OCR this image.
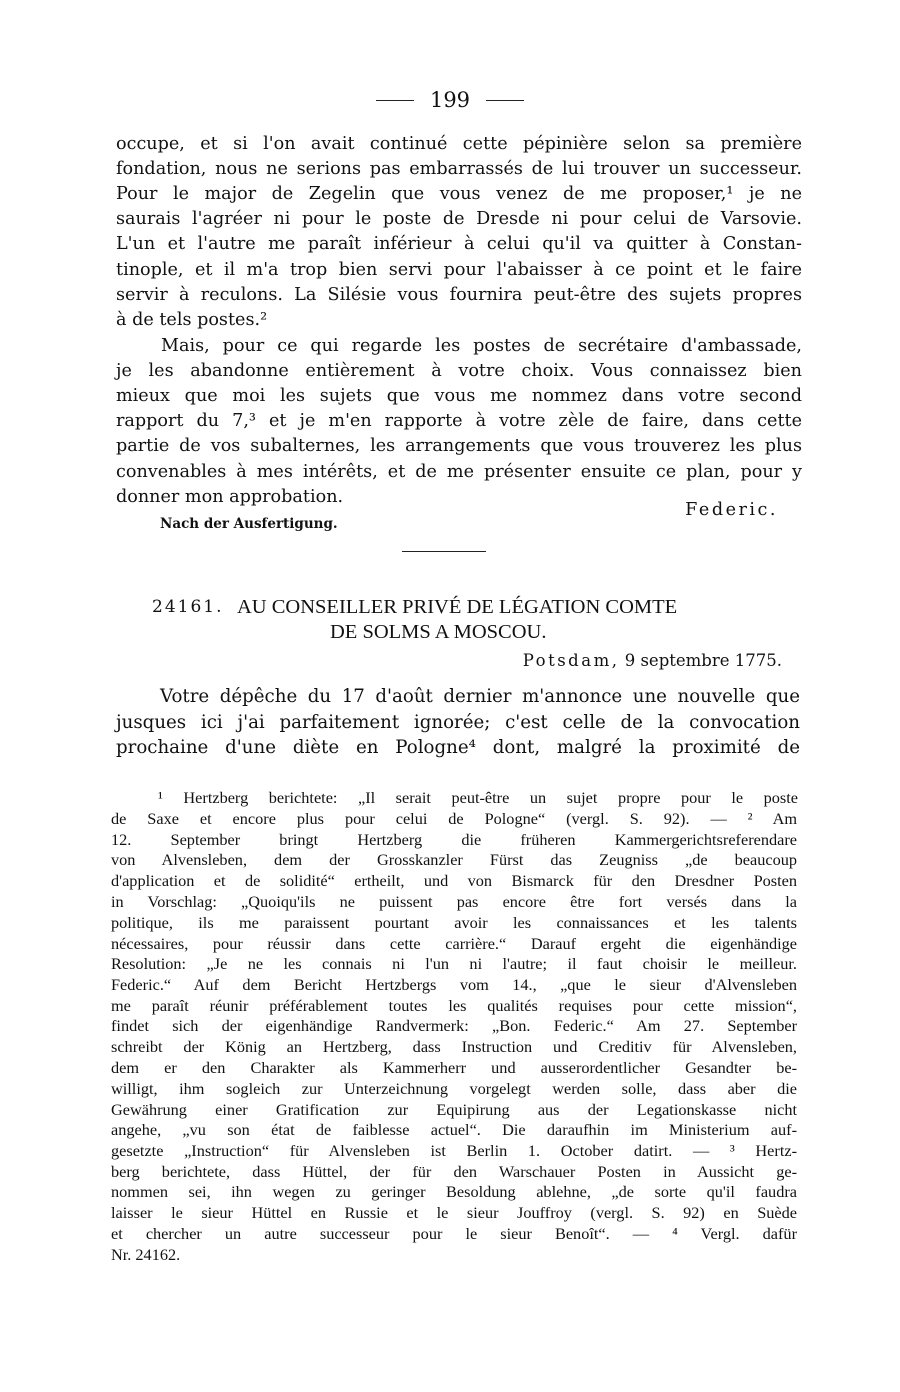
199
occupe, et si l'on avait continué cette pépinière selon sa première
fondation, nous ne serions pas embarrassés de lui trouver un successeur.
Pour le major de Zegelin que vous venez de me proposer,¹ je ne
saurais l'agréer ni pour le poste de Dresde ni pour celui de Varsovie.
L'un et l'autre me paraît inférieur à celui qu'il va quitter à Constan-
tinople, et il m'a trop bien servi pour l'abaisser à ce point et le faire
servir à reculons. La Silésie vous fournira peut-être des sujets propres
à de tels postes.²
Mais, pour ce qui regarde les postes de secrétaire d'ambassade,
je les abandonne entièrement à votre choix. Vous connaissez bien
mieux que moi les sujets que vous me nommez dans votre second
rapport du 7,³ et je m'en rapporte à votre zèle de faire, dans cette
partie de vos subalternes, les arrangements que vous trouverez les plus
convenables à mes intérêts, et de me présenter ensuite ce plan, pour y
donner mon approbation.
Federic.
Nach der Ausfertigung.
24161. AU CONSEILLER PRIVÉ DE LÉGATION COMTE
DE SOLMS A MOSCOU.
Potsdam, 9 septembre 1775.
Votre dépêche du 17 d'août dernier m'annonce une nouvelle que
jusques ici j'ai parfaitement ignorée; c'est celle de la convocation
prochaine d'une diète en Pologne⁴ dont, malgré la proximité de
¹ Hertzberg berichtete: „Il serait peut-être un sujet propre pour le poste
de Saxe et encore plus pour celui de Pologne“ (vergl. S. 92). — ² Am
12. September bringt Hertzberg die früheren Kammergerichtsreferendare
von Alvensleben, dem der Grosskanzler Fürst das Zeugniss „de beaucoup
d'application et de solidité“ ertheilt, und von Bismarck für den Dresdner Posten
in Vorschlag: „Quoiqu'ils ne puissent pas encore être fort versés dans la
politique, ils me paraissent pourtant avoir les connaissances et les talents
nécessaires, pour réussir dans cette carrière.“ Darauf ergeht die eigenhändige
Resolution: „Je ne les connais ni l'un ni l'autre; il faut choisir le meilleur.
Federic.“ Auf dem Bericht Hertzbergs vom 14., „que le sieur d'Alvensleben
me paraît réunir préférablement toutes les qualités requises pour cette mission“,
findet sich der eigenhändige Randvermerk: „Bon. Federic.“ Am 27. September
schreibt der König an Hertzberg, dass Instruction und Creditiv für Alvensleben,
dem er den Charakter als Kammerherr und ausserordentlicher Gesandter be-
willigt, ihm sogleich zur Unterzeichnung vorgelegt werden solle, dass aber die
Gewährung einer Gratification zur Equipirung aus der Legationskasse nicht
angehe, „vu son état de faiblesse actuel“. Die daraufhin im Ministerium auf-
gesetzte „Instruction“ für Alvensleben ist Berlin 1. October datirt. — ³ Hertz-
berg berichtete, dass Hüttel, der für den Warschauer Posten in Aussicht ge-
nommen sei, ihn wegen zu geringer Besoldung ablehne, „de sorte qu'il faudra
laisser le sieur Hüttel en Russie et le sieur Jouffroy (vergl. S. 92) en Suède
et chercher un autre successeur pour le sieur Benoît“. — ⁴ Vergl. dafür
Nr. 24162.
